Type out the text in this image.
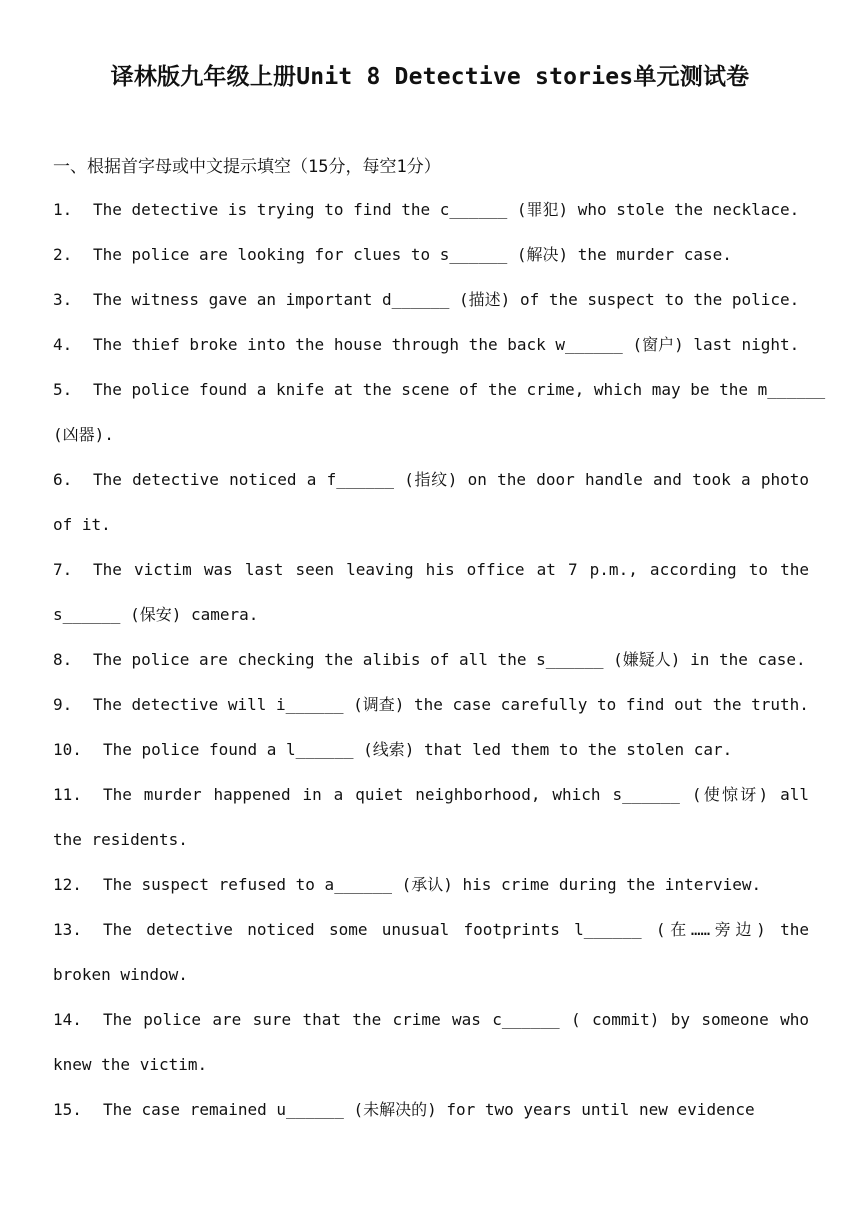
译林版九年级上册Unit 8 Detective stories单元测试卷
一、根据首字母或中文提示填空（15分，每空1分）
1. The detective is trying to find the c______ (罪犯) who stole the necklace.
2. The police are looking for clues to s______ (解决) the murder case.
3. The witness gave an important d______ (描述) of the suspect to the police.
4. The thief broke into the house through the back w______ (窗户) last night.
5. The police found a knife at the scene of the crime, which may be the m______
(凶器).
6. The detective noticed a f______ (指纹) on the door handle and took a photo
of it.
7. The victim was last seen leaving his office at 7 p.m., according to the
s______ (保安) camera.
8. The police are checking the alibis of all the s______ (嫌疑人) in the case.
9. The detective will i______ (调查) the case carefully to find out the truth.
10. The police found a l______ (线索) that led them to the stolen car.
11. The murder happened in a quiet neighborhood, which s______ (使惊讶) all
the residents.
12. The suspect refused to a______ (承认) his crime during the interview.
13. The detective noticed some unusual footprints l______ (在……旁边) the
broken window.
14. The police are sure that the crime was c______ ( commit) by someone who
knew the victim.
15. The case remained u______ (未解决的) for two years until new evidence
